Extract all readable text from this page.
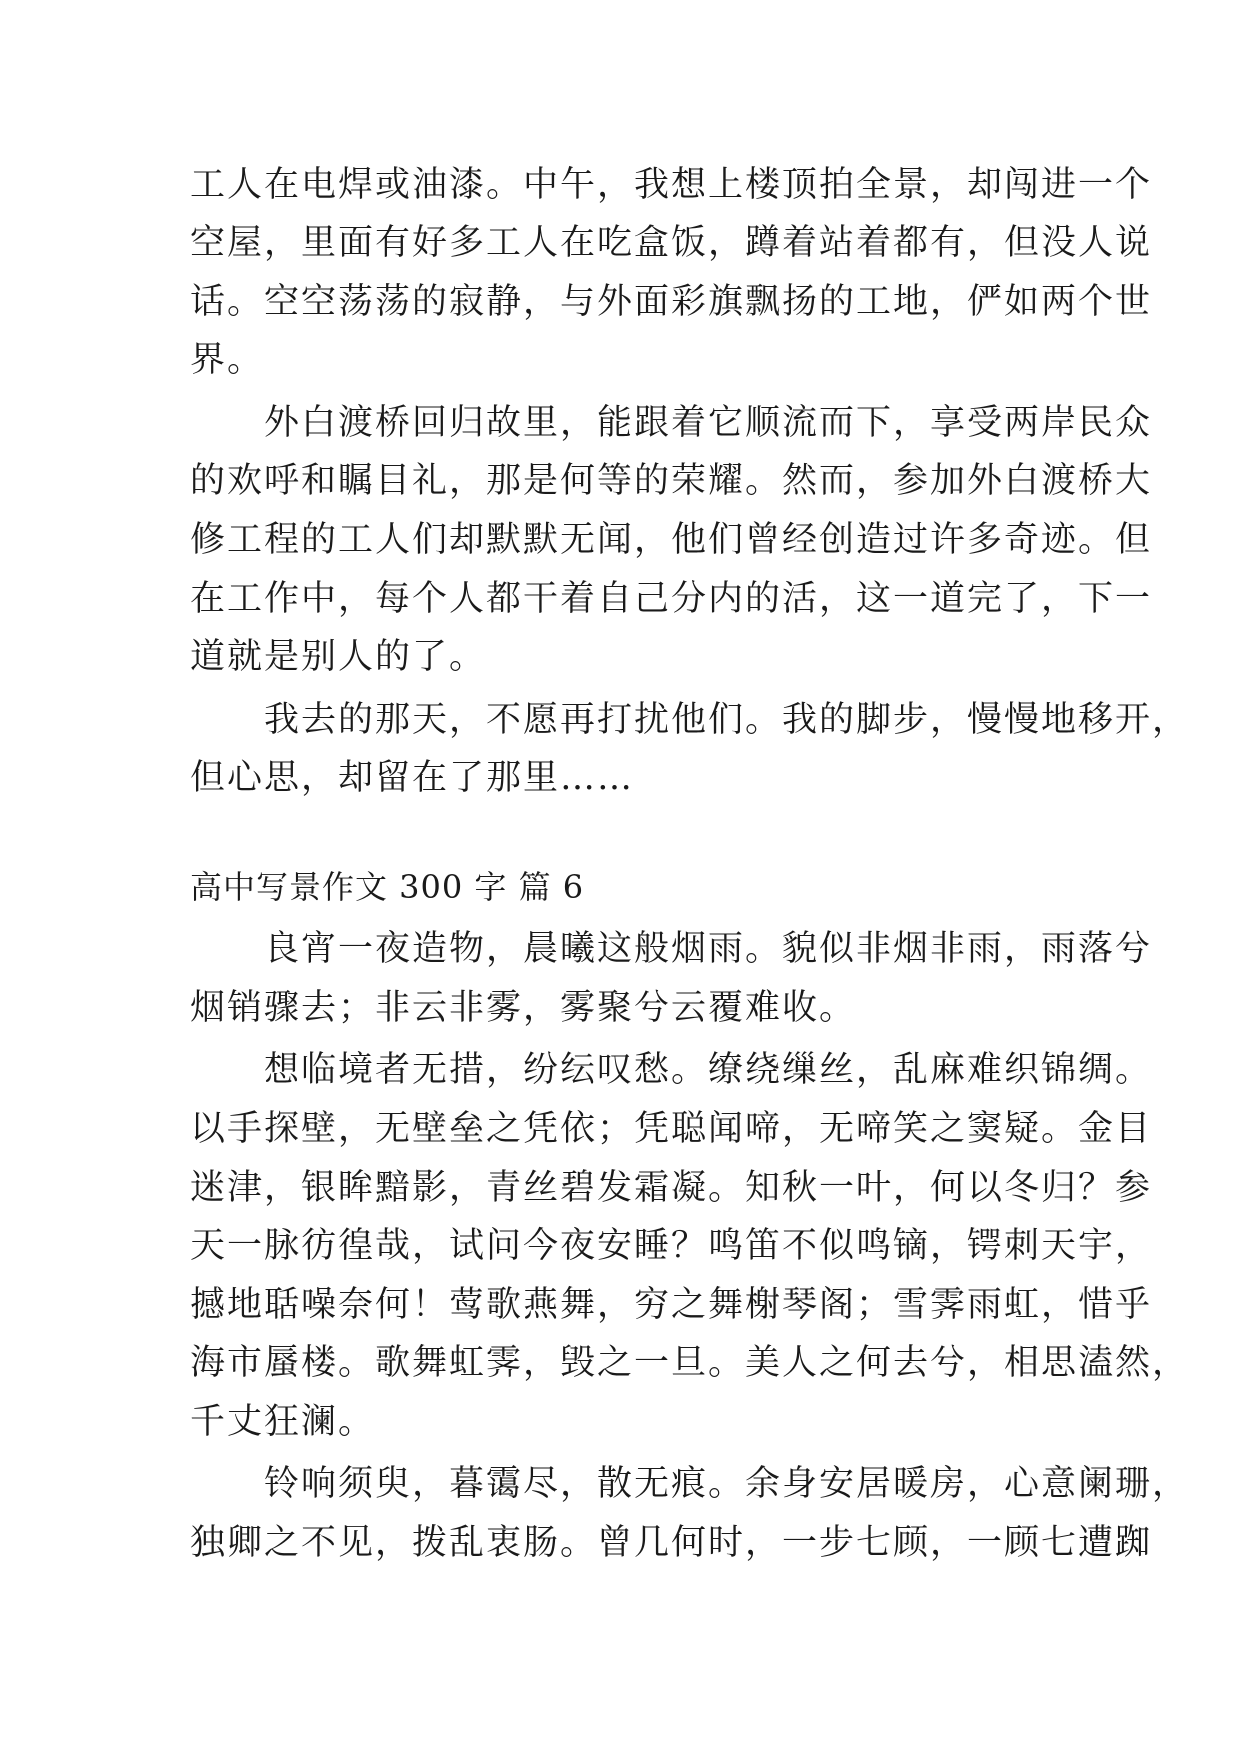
工人在电焊或油漆。中午，我想上楼顶拍全景，却闯进一个
空屋，里面有好多工人在吃盒饭，蹲着站着都有，但没人说
话。空空荡荡的寂静，与外面彩旗飘扬的工地，俨如两个世
界。
　　外白渡桥回归故里，能跟着它顺流而下，享受两岸民众
的欢呼和瞩目礼，那是何等的荣耀。然而，参加外白渡桥大
修工程的工人们却默默无闻，他们曾经创造过许多奇迹。但
在工作中，每个人都干着自己分内的活，这一道完了，下一
道就是别人的了。
　　我去的那天，不愿再打扰他们。我的脚步，慢慢地移开，
但心思，却留在了那里……
高中写景作文 300 字 篇 6
　　良宵一夜造物，晨曦这般烟雨。貌似非烟非雨，雨落兮
烟销骤去；非云非雾，雾聚兮云覆难收。
　　想临境者无措，纷纭叹愁。缭绕缫丝，乱麻难织锦绸。
以手探壁，无壁垒之凭依；凭聪闻啼，无啼笑之窦疑。金目
迷津，银眸黯影，青丝碧发霜凝。知秋一叶，何以冬归？参
天一脉彷徨哉，试问今夜安睡？鸣笛不似鸣镝，锷刺天宇，
撼地聒噪奈何！莺歌燕舞，穷之舞榭琴阁；雪霁雨虹，惜乎
海市蜃楼。歌舞虹霁，毁之一旦。美人之何去兮，相思溘然，
千丈狂澜。
　　铃响须臾，暮霭尽，散无痕。余身安居暖房，心意阑珊，
独卿之不见，拨乱衷肠。曾几何时，一步七顾，一顾七遭踟
